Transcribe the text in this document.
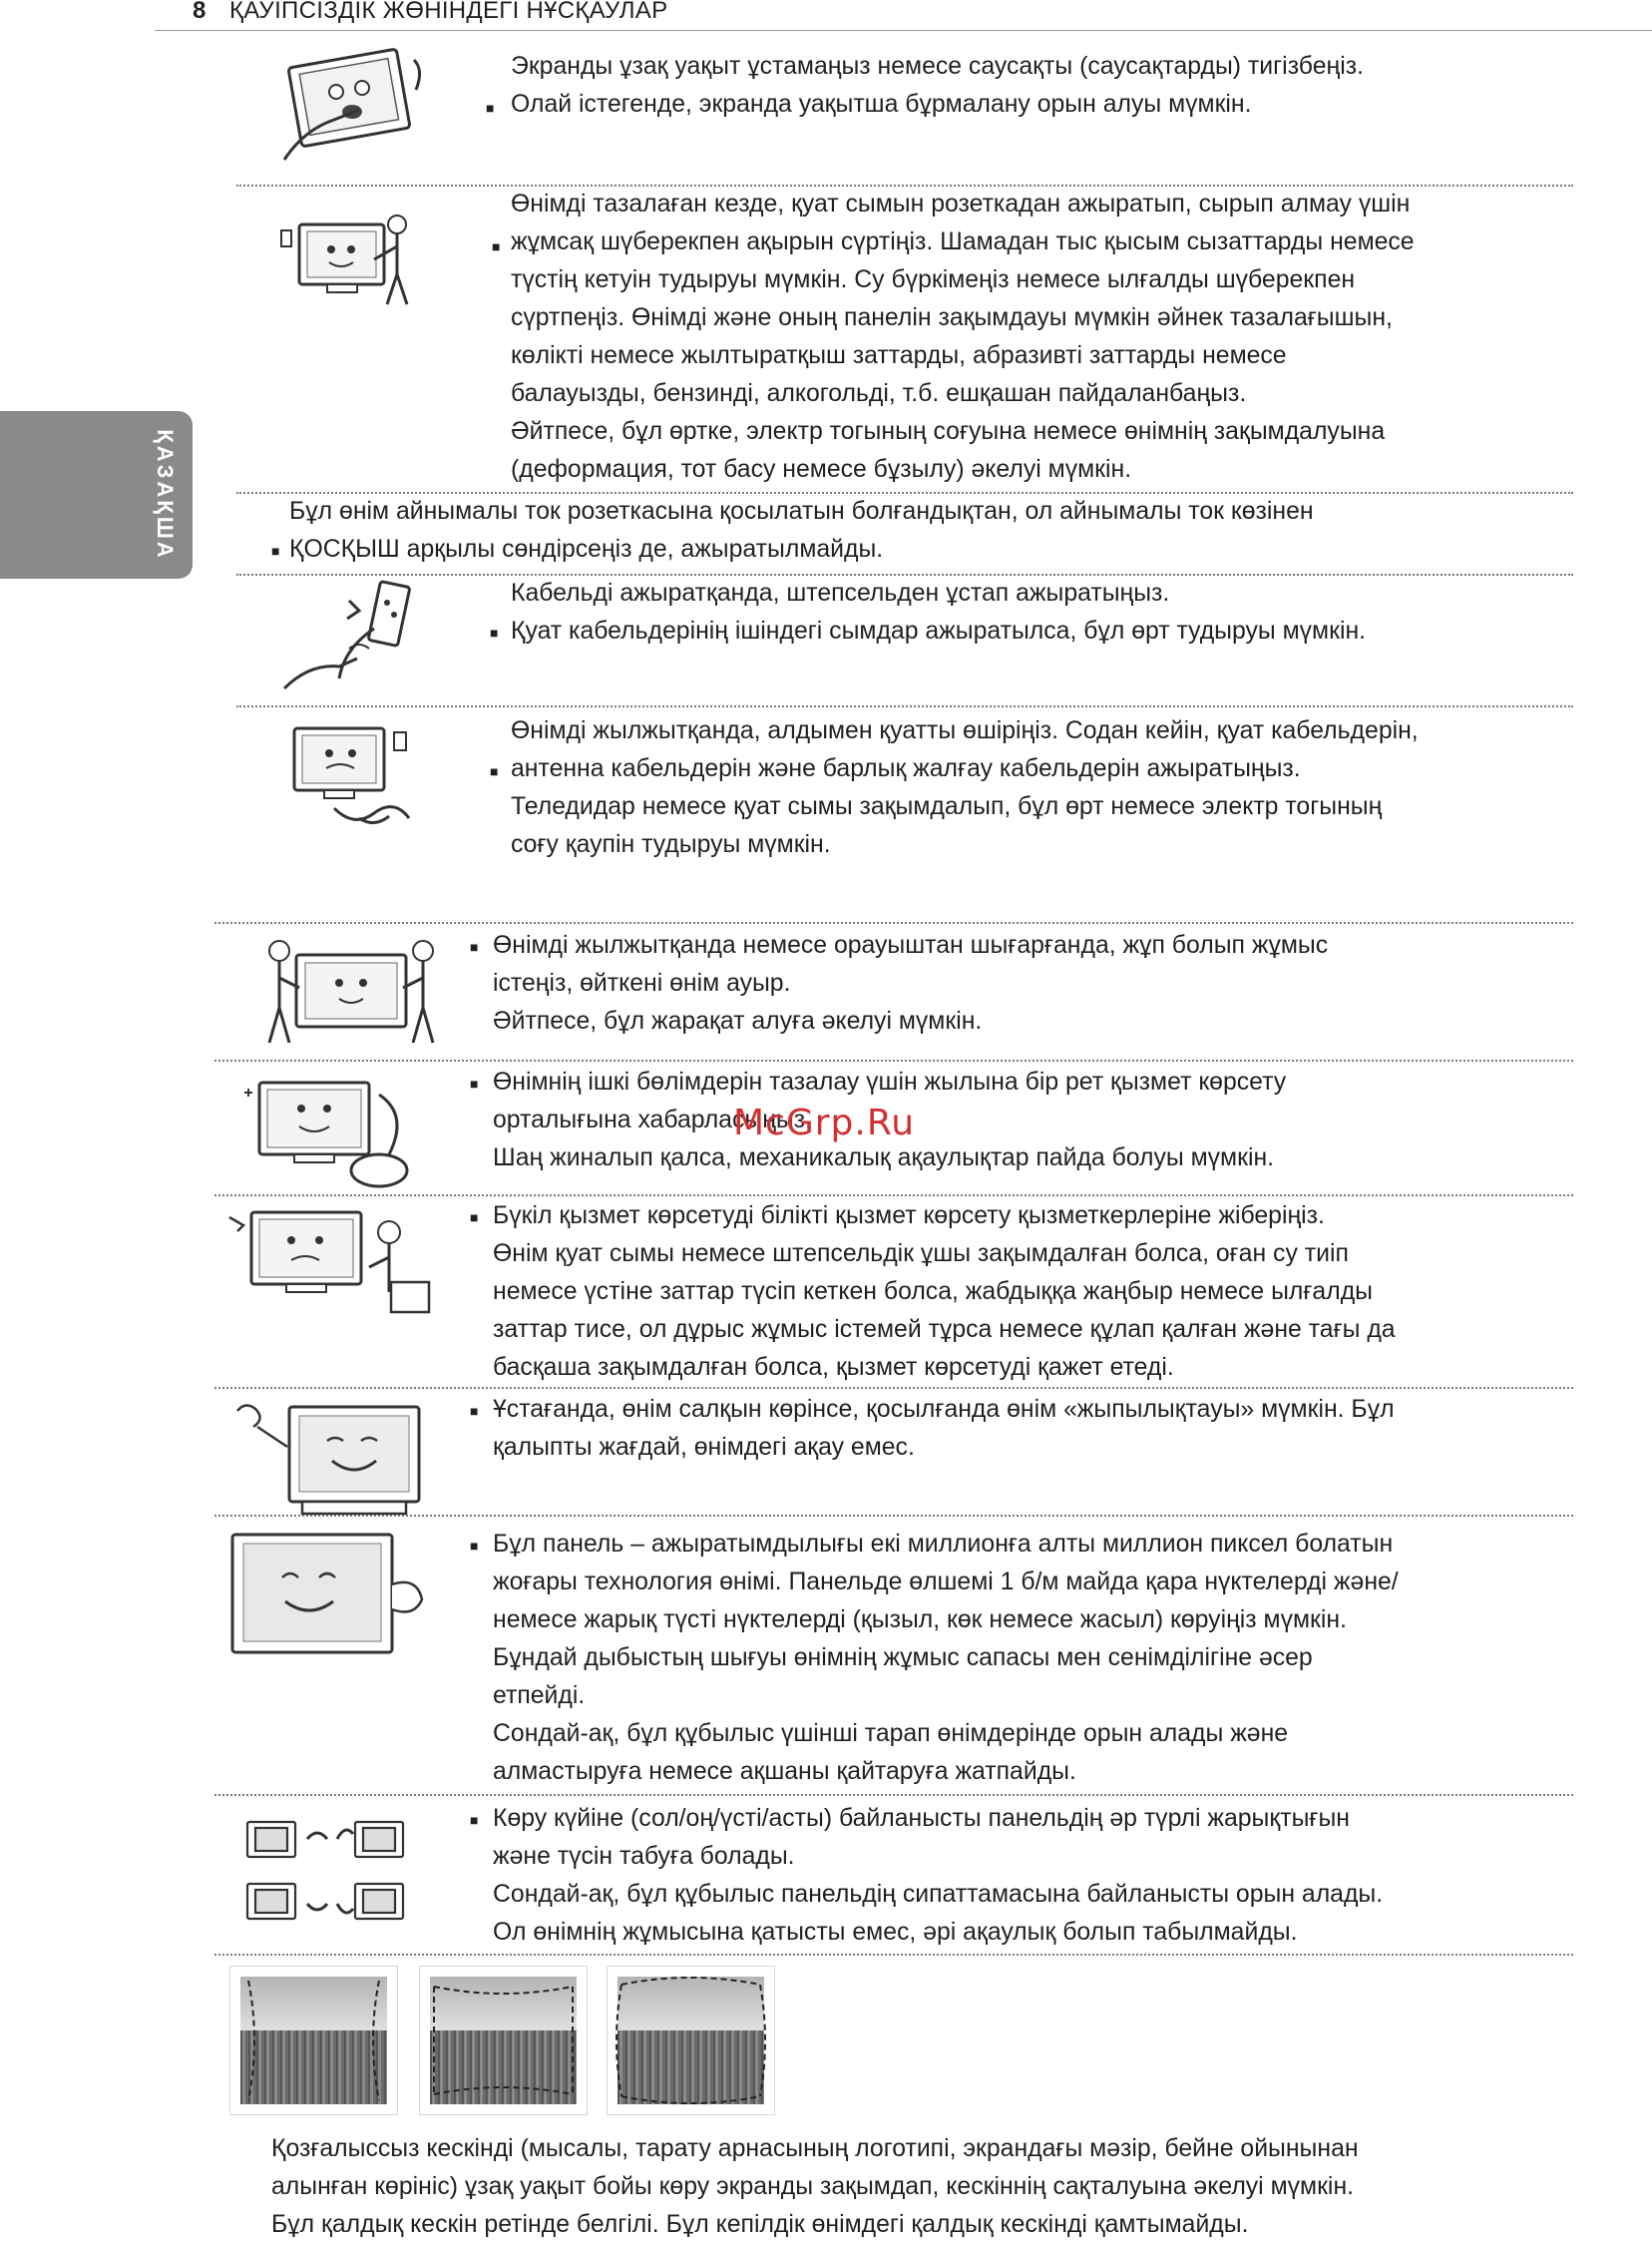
8 ҚАУІПСІЗДІК ЖӨНІНДЕГІ НҰСҚАУЛАР
ҚАЗАҚША

Экранды ұзақ уақыт ұстамаңыз немесе саусақты (саусақтарды) тигізбеңіз.

Олай істегенде, экранда уақытша бұрмалану орын алуы мүмкін.

■

Өнімді тазалаған кезде, қуат сымын розеткадан ажыратып, сырып алмау үшін

жұмсақ шүберекпен ақырын сүртіңіз. Шамадан тыс қысым сызаттарды немесе

түстің кетуін тудыруы мүмкін. Су бүркімеңіз немесе ылғалды шүберекпен

сүртпеңіз. Өнімді және оның панелін зақымдауы мүмкін әйнек тазалағышын,

көлікті немесе жылтыратқыш заттарды, абразивті заттарды немесе

балауызды, бензинді, алкогольді, т.б. ешқашан пайдаланбаңыз.

Әйтпесе, бұл өртке, электр тогының соғуына немесе өнімнің зақымдалуына

(деформация, тот басу немесе бұзылу) әкелуі мүмкін.

■

Бұл өнім айнымалы ток розеткасына қосылатын болғандықтан, ол айнымалы ток көзінен

ҚОСҚЫШ арқылы сөндірсеңіз де, ажыратылмайды.

■

Кабельді ажыратқанда, штепсельден ұстап ажыратыңыз.

Қуат кабельдерінің ішіндегі сымдар ажыратылса, бұл өрт тудыруы мүмкін.

■

Өнімді жылжытқанда, алдымен қуатты өшіріңіз. Содан кейін, қуат кабельдерін,

антенна кабельдерін және барлық жалғау кабельдерін ажыратыңыз.

Теледидар немесе қуат сымы зақымдалып, бұл өрт немесе электр тогының

соғу қаупін тудыруы мүмкін.

■

Өнімді жылжытқанда немесе орауыштан шығарғанда, жұп болып жұмыс

істеңіз, өйткені өнім ауыр.

Әйтпесе, бұл жарақат алуға әкелуі мүмкін.

■

Өнімнің ішкі бөлімдерін тазалау үшін жылына бір рет қызмет көрсету

орталығына хабарласыңыз.

Шаң жиналып қалса, механикалық ақаулықтар пайда болуы мүмкін.

■

Бүкіл қызмет көрсетуді білікті қызмет көрсету қызметкерлеріне жіберіңіз.

Өнім қуат сымы немесе штепсельдік ұшы зақымдалған болса, оған су тиіп

немесе үстіне заттар түсіп кеткен болса, жабдыққа жаңбыр немесе ылғалды

заттар тисе, ол дұрыс жұмыс істемей тұрса немесе құлап қалған және тағы да

басқаша зақымдалған болса, қызмет көрсетуді қажет етеді.

■

Ұстағанда, өнім салқын көрінсе, қосылғанда өнім «жыпылықтауы» мүмкін. Бұл

қалыпты жағдай, өнімдегі ақау емес.

■

Бұл панель – ажыратымдылығы екі миллионға алты миллион пиксел болатын

жоғары технология өнімі. Панельде өлшемі 1 б/м майда қара нүктелерді және/

немесе жарық түсті нүктелерді (қызыл, көк немесе жасыл) көруіңіз мүмкін.

Бұндай дыбыстың шығуы өнімнің жұмыс сапасы мен сенімділігіне әсер

етпейді.

Сондай-ақ, бұл құбылыс үшінші тарап өнімдерінде орын алады және

алмастыруға немесе ақшаны қайтаруға жатпайды.

■

Көру күйіне (сол/оң/үсті/асты) байланысты панельдің әр түрлі жарықтығын

және түсін табуға болады.

Сондай-ақ, бұл құбылыс панельдің сипаттамасына байланысты орын алады.

Ол өнімнің жұмысына қатысты емес, әрі ақаулық болып табылмайды.

■

Қозғалыссыз кескінді (мысалы, тарату арнасының логотипі, экрандағы мәзір, бейне ойынынан

алынған көрініс) ұзақ уақыт бойы көру экранды зақымдап, кескіннің сақталуына әкелуі мүмкін.

Бұл қалдық кескін ретінде белгілі. Бұл кепілдік өнімдегі қалдық кескінді қамтымайды.

McGrp.Ru
